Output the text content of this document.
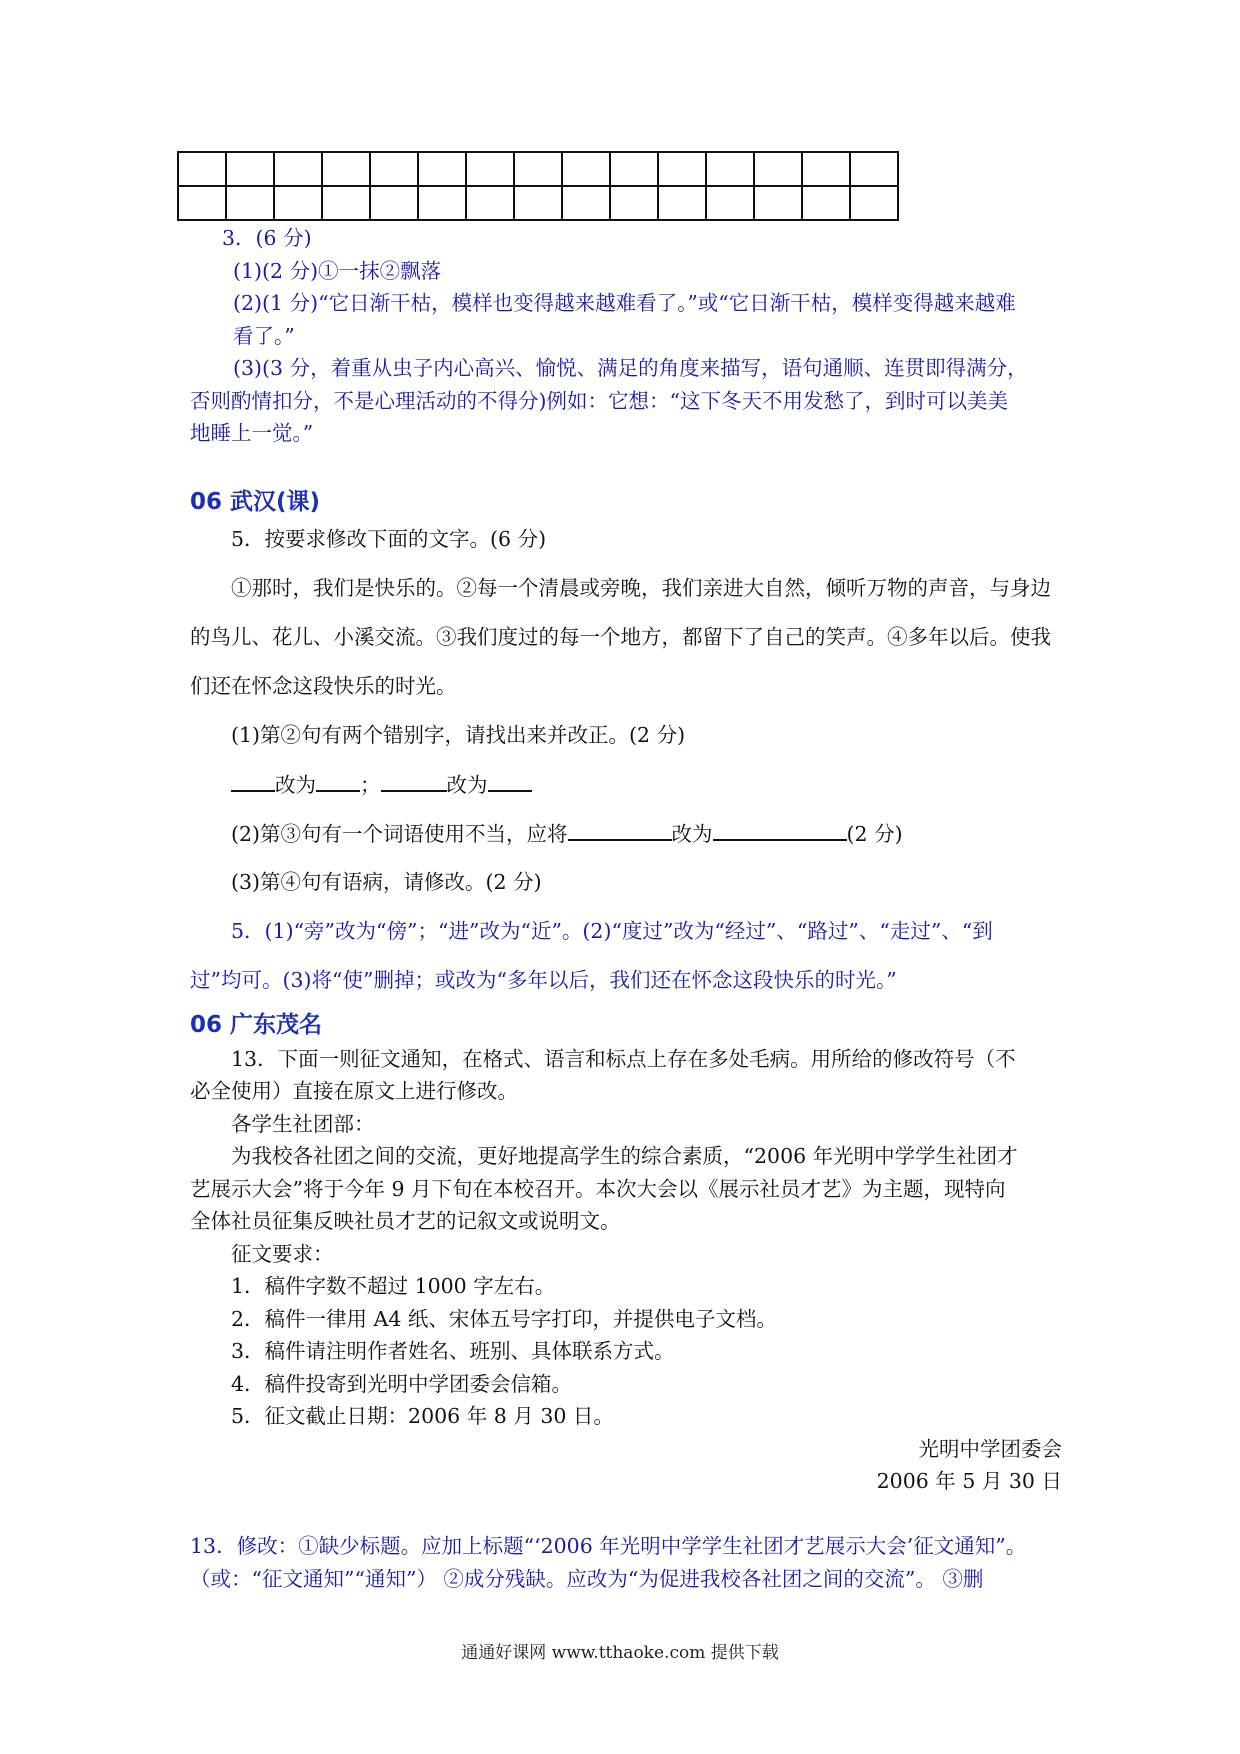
3．(6 分)

(1)(2 分)①一抹②飘落

(2)(1 分)“它日渐干枯，模样也变得越来越难看了。”或“它日渐干枯，模样变得越来越难

看了。”

(3)(3 分，着重从虫子内心高兴、愉悦、满足的角度来描写，语句通顺、连贯即得满分，

否则酌情扣分，不是心理活动的不得分)例如：它想：“这下冬天不用发愁了，到时可以美美

地睡上一觉。”

06 武汉(课)

5．按要求修改下面的文字。(6 分)

①那时，我们是快乐的。②每一个清晨或旁晚，我们亲进大自然，倾听万物的声音，与身边

的鸟儿、花儿、小溪交流。③我们度过的每一个地方，都留下了自己的笑声。④多年以后。使我

们还在怀念这段快乐的时光。

(1)第②句有两个错别字，请找出来并改正。(2 分)

改为 ；	改为

(2)第③句有一个词语使用不当，应将	改为	(2 分)

(3)第④句有语病，请修改。(2 分)

5．(1)“旁”改为“傍”；“进”改为“近”。(2)“度过”改为“经过”、“路过”、“走过”、“到

过”均可。(3)将“使”删掉；或改为“多年以后，我们还在怀念这段快乐的时光。”

06 广东茂名

13．下面一则征文通知，在格式、语言和标点上存在多处毛病。用所给的修改符号（不

必全使用）直接在原文上进行修改。

各学生社团部：

为我校各社团之间的交流，更好地提高学生的综合素质，“2006 年光明中学学生社团才

艺展示大会”将于今年 9 月下旬在本校召开。本次大会以《展示社员才艺》为主题，现特向

全体社员征集反映社员才艺的记叙文或说明文。

征文要求：

1．稿件字数不超过 1000 字左右。

2．稿件一律用 A4 纸、宋体五号字打印，并提供电子文档。

3．稿件请注明作者姓名、班别、具体联系方式。

4．稿件投寄到光明中学团委会信箱。

5．征文截止日期：2006 年 8 月 30 日。

光明中学团委会

2006 年 5 月 30 日

13．修改：①缺少标题。应加上标题“‘2006 年光明中学学生社团才艺展示大会’征文通知”。

（或：“征文通知”“通知”） ②成分残缺。应改为“为促进我校各社团之间的交流”。 ③删

通通好课网 www.tthaoke.com 提供下载
